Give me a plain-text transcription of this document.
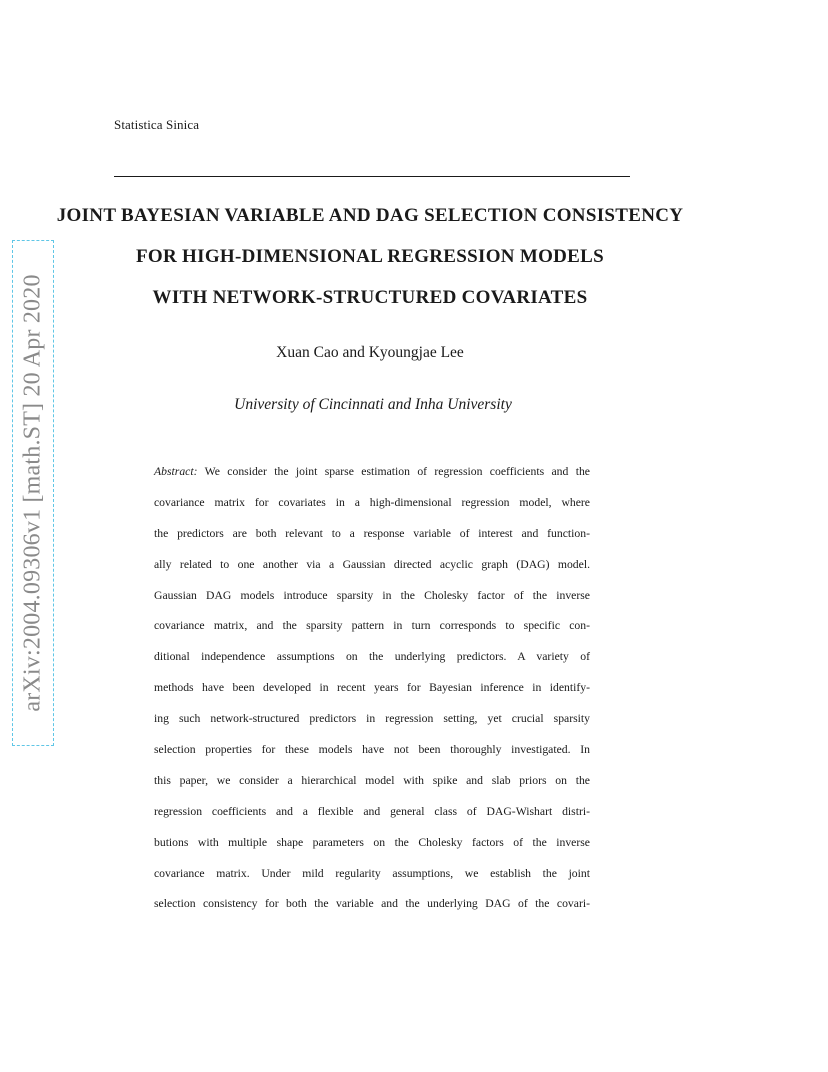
Statistica Sinica
JOINT BAYESIAN VARIABLE AND DAG SELECTION CONSISTENCY
FOR HIGH-DIMENSIONAL REGRESSION MODELS
WITH NETWORK-STRUCTURED COVARIATES
Xuan Cao and Kyoungjae Lee
University of Cincinnati and Inha University
Abstract: We consider the joint sparse estimation of regression coefficients and the
covariance matrix for covariates in a high-dimensional regression model, where
the predictors are both relevant to a response variable of interest and function-
ally related to one another via a Gaussian directed acyclic graph (DAG) model.
Gaussian DAG models introduce sparsity in the Cholesky factor of the inverse
covariance matrix, and the sparsity pattern in turn corresponds to specific con-
ditional independence assumptions on the underlying predictors. A variety of
methods have been developed in recent years for Bayesian inference in identify-
ing such network-structured predictors in regression setting, yet crucial sparsity
selection properties for these models have not been thoroughly investigated. In
this paper, we consider a hierarchical model with spike and slab priors on the
regression coefficients and a flexible and general class of DAG-Wishart distri-
butions with multiple shape parameters on the Cholesky factors of the inverse
covariance matrix. Under mild regularity assumptions, we establish the joint
selection consistency for both the variable and the underlying DAG of the covari-
arXiv:2004.09306v1 [math.ST] 20 Apr 2020
